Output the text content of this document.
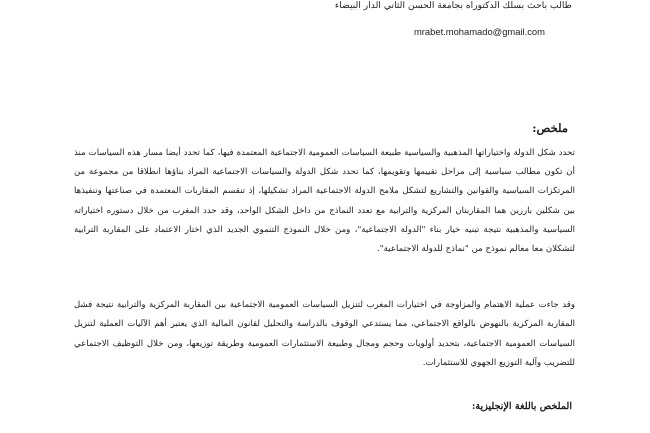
طالب باحث بسلك الدكتوراه بجامعة الحسن الثاني الدار البيضاء
mrabet.mohamado@gmail.com
ملخص:

تحدد شكل الدولة واختياراتها المذهبية والسياسية طبيعة السياسات العمومية الاجتماعية المعتمدة فيها، كما تحدد أيضا مسار هذه السياسات منذ أن تكون مطالب سياسية إلى مراحل تقييمها وتقويمها، كما تحدد شكل الدولة والسياسات الاجتماعية المراد بناؤها انطلاقا من مجموعة من المرتكزات السياسية والقوانين والتشاريع لتشكل ملامح الدولة الاجتماعية المراد تشكيلها، إذ تنقسم المقاربات المعتمدة في صناعتها وتنفيذها بين شكلين بارزين هما المقاربتان المركزية والترابية مع تعدد النماذج من داخل الشكل الواحد، وقد حدد المغرب من خلال دستوره اختياراته السياسية والمذهبية نتيجة تبنيه خيار بناء "الدولة الاجتماعية"، ومن خلال النموذج التنموي الجديد الذي اختار الاعتماد على المقاربة الترابية لتشكلان معا معالم نموذج من "نماذج للدولة الاجتماعية".

وقد جاءت عملية الاهتمام والمزاوجة في اختيارات المغرب لتنزيل السياسات العمومية الاجتماعية بين المقاربة المركزية والترابية نتيجة فشل المقاربة المركزية بالنهوض بالواقع الاجتماعي، مما يستدعي الوقوف بالدراسة والتحليل لقانون المالية الذي يعتبر أهم الآليات العملية لتنزيل السياسات العمومية الاجتماعية، بتحديد أولويات وحجم ومجال وطبيعة الاستثمارات العمومية وطريقة توزيعها، ومن خلال التوظيف الاجتماعي للتضريب وآلية التوزيع الجهوي للاستثمارات.

الملخص باللغة الإنجليزية:
